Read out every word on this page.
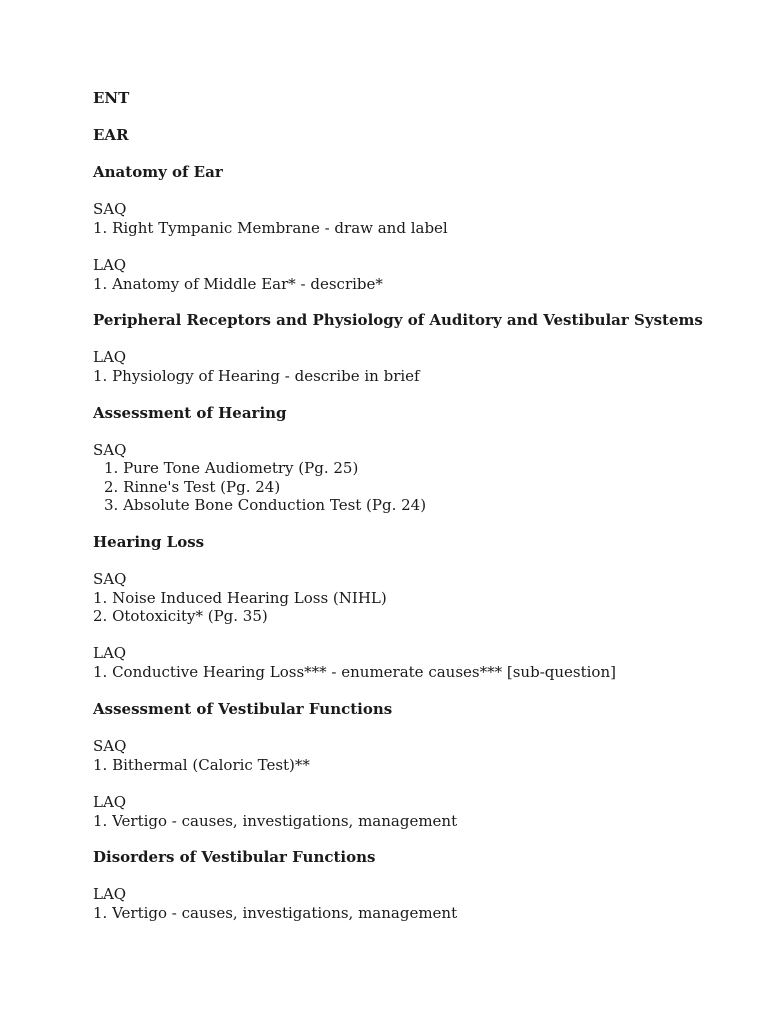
ENT
EAR
Anatomy of Ear
SAQ
1. Right Tympanic Membrane - draw and label
LAQ
1. Anatomy of Middle Ear* - describe*
Peripheral Receptors and Physiology of Auditory and Vestibular Systems
LAQ
1. Physiology of Hearing - describe in brief
Assessment of Hearing
SAQ
1. Pure Tone Audiometry (Pg. 25)
2. Rinne's Test (Pg. 24)
3. Absolute Bone Conduction Test (Pg. 24)
Hearing Loss
SAQ
1. Noise Induced Hearing Loss (NIHL)
2. Ototoxicity* (Pg. 35)
LAQ
1. Conductive Hearing Loss*** - enumerate causes*** [sub-question]
Assessment of Vestibular Functions
SAQ
1. Bithermal (Caloric Test)**
LAQ
1. Vertigo - causes, investigations, management
Disorders of Vestibular Functions
LAQ
1. Vertigo - causes, investigations, management
